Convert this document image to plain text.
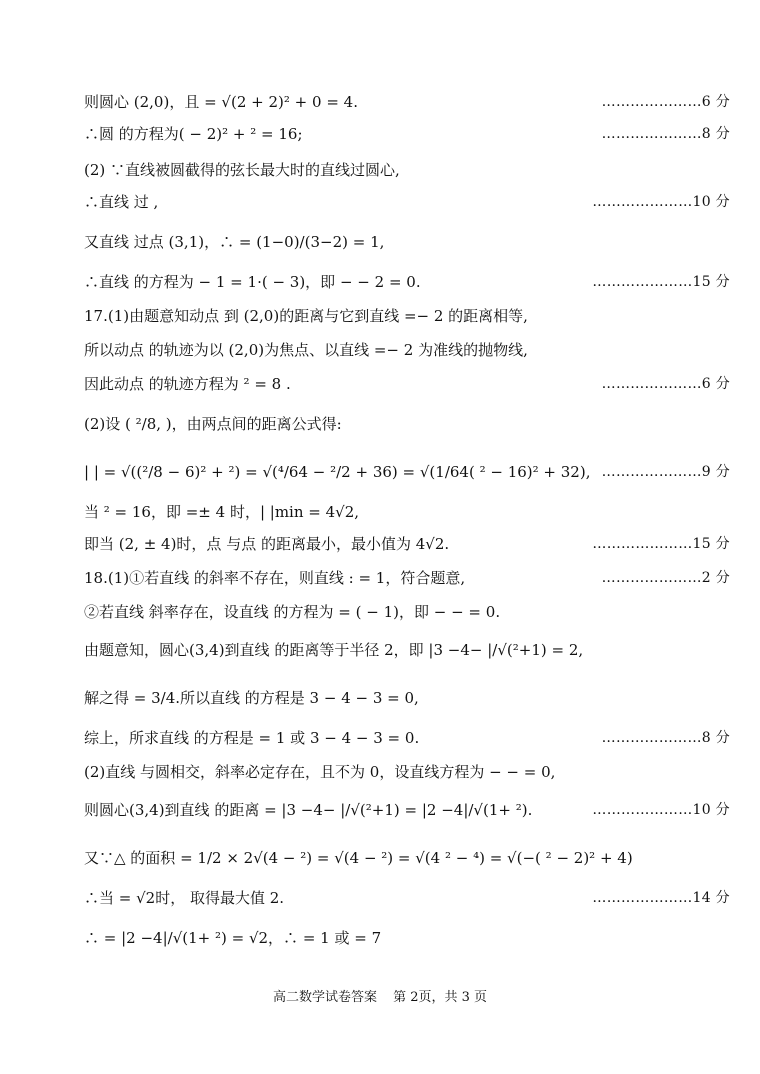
则圆心 (2,0)，且 = √(2 + 2)² + 0 = 4.	…………………6 分
∴圆 的方程为( − 2)² + ² = 16;	…………………8 分
(2) ∵直线被圆截得的弦长最大时的直线过圆心,
∴直线 过 ,	…………………10 分
又直线 过点 (3,1)，∴ = (1−0)/(3−2) = 1,
∴直线 的方程为 − 1 = 1·( − 3)，即 − − 2 = 0.	…………………15 分
17.(1)由题意知动点 到 (2,0)的距离与它到直线 =− 2 的距离相等,
所以动点 的轨迹为以 (2,0)为焦点、以直线 =− 2 为准线的抛物线,
因此动点 的轨迹方程为 ² = 8 .	…………………6 分
(2)设 ( ²/8, )，由两点间的距离公式得:
| | = √((²/8 − 6)² + ²) = √(⁴/64 − ²/2 + 36) = √(1/64( ² − 16)² + 32), …………………9 分
当 ² = 16，即 =± 4 时，| |min = 4√2,
即当 (2, ± 4)时，点 与点 的距离最小，最小值为 4√2.	…………………15 分
18.(1)①若直线 的斜率不存在，则直线 : = 1，符合题意,	…………………2 分
②若直线 斜率存在，设直线 的方程为 = ( − 1)，即 − − = 0.
由题意知，圆心(3,4)到直线 的距离等于半径 2，即 |3 −4− |/√(²+1) = 2,
解之得 = 3/4.所以直线 的方程是 3 − 4 − 3 = 0,
综上，所求直线 的方程是 = 1 或 3 − 4 − 3 = 0.	…………………8 分
(2)直线 与圆相交，斜率必定存在，且不为 0，设直线方程为 − − = 0,
则圆心(3,4)到直线 的距离 = |3 −4− |/√(²+1) = |2 −4|/√(1+ ²).	…………………10 分
又∵△ 的面积 = 1/2 × 2√(4 − ²) = √(4 − ²) = √(4 ² − ⁴) = √(−( ² − 2)² + 4)
∴当 = √2时， 取得最大值 2.	…………………14 分
∴ = |2 −4|/√(1+ ²) = √2，∴ = 1 或 = 7
高二数学试卷答案 第 2页，共 3 页
